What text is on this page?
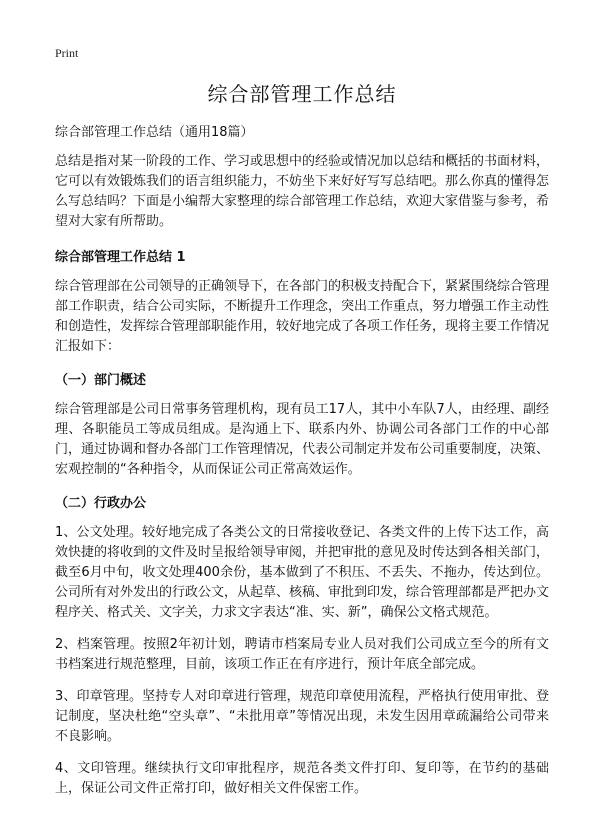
Print
综合部管理工作总结
综合部管理工作总结（通用18篇）

总结是指对某一阶段的工作、学习或思想中的经验或情况加以总结和概括的书面材料，它可以有效锻炼我们的语言组织能力，不妨坐下来好好写写总结吧。那么你真的懂得怎么写总结吗？下面是小编帮大家整理的综合部管理工作总结，欢迎大家借鉴与参考，希望对大家有所帮助。

综合部管理工作总结 1

综合管理部在公司领导的正确领导下，在各部门的积极支持配合下，紧紧围绕综合管理部工作职责，结合公司实际，不断提升工作理念，突出工作重点，努力增强工作主动性和创造性，发挥综合管理部职能作用，较好地完成了各项工作任务，现将主要工作情况汇报如下：

（一）部门概述

综合管理部是公司日常事务管理机构，现有员工17人，其中小车队7人，由经理、副经理、各职能员工等成员组成。是沟通上下、联系内外、协调公司各部门工作的中心部门，通过协调和督办各部门工作管理情况，代表公司制定并发布公司重要制度，决策、宏观控制的“各种指令，从而保证公司正常高效运作。

（二）行政办公

1、公文处理。较好地完成了各类公文的日常接收登记、各类文件的上传下达工作，高效快捷的将收到的文件及时呈报给领导审阅，并把审批的意见及时传达到各相关部门，截至6月中旬，收文处理400余份，基本做到了不积压、不丢失、不拖办，传达到位。公司所有对外发出的行政公文，从起草、核稿、审批到印发，综合管理部都是严把办文程序关、格式关、文字关，力求文字表达“准、实、新”，确保公文格式规范。

2、档案管理。按照2年初计划，聘请市档案局专业人员对我们公司成立至今的所有文书档案进行规范整理，目前，该项工作正在有序进行，预计年底全部完成。

3、印章管理。坚持专人对印章进行管理，规范印章使用流程，严格执行使用审批、登记制度，坚决杜绝“空头章”、“未批用章”等情况出现，未发生因用章疏漏给公司带来不良影响。

4、文印管理。继续执行文印审批程序，规范各类文件打印、复印等，在节约的基础上，保证公司文件正常打印，做好相关文件保密工作。
